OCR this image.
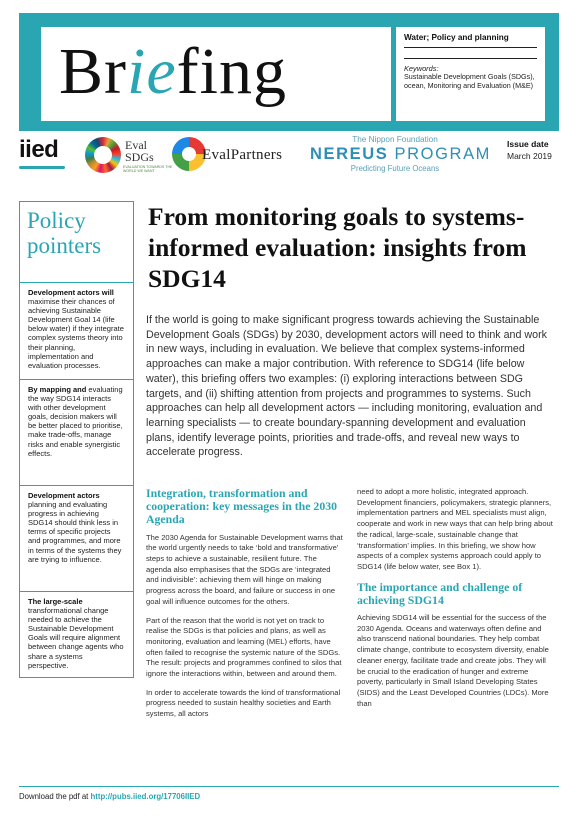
Briefing	Water; Policy and planning
Keywords:
Sustainable Development Goals (SDGs), ocean, Monitoring and Evaluation (M&E)
iied	Eval
SDGs
EVALUATION TOWARDS THE WORLD WE WANT
EvalPartners
The Nippon Foundation
NEREUS PROGRAM
Predicting Future Oceans
Issue date
March 2019
Policy
pointers
Development actors will maximise their chances of achieving Sustainable Development Goal 14 (life below water) if they integrate complex systems theory into their planning, implementation and evaluation processes.
By mapping and evaluating the way SDG14 interacts with other development goals, decision makers will be better placed to prioritise, make trade-offs, manage risks and enable synergistic effects.
Development actors planning and evaluating progress in achieving SDG14 should think less in terms of specific projects and programmes, and more in terms of the systems they are trying to influence.
The large-scale transformational change needed to achieve the Sustainable Development Goals will require alignment between change agents who share a systems perspective.
From monitoring goals to systems-informed evaluation: insights from SDG14

If the world is going to make significant progress towards achieving the Sustainable Development Goals (SDGs) by 2030, development actors will need to think and work in new ways, including in evaluation. We believe that complex systems-informed approaches can make a major contribution. With reference to SDG14 (life below water), this briefing offers two examples: (i) exploring interactions between SDG targets, and (ii) shifting attention from projects and programmes to systems. Such approaches can help all development actors — including monitoring, evaluation and learning specialists — to create boundary-spanning development and evaluation plans, identify leverage points, priorities and trade-offs, and reveal new ways to accelerate progress.

Integration, transformation and cooperation: key messages in the 2030 Agenda

The 2030 Agenda for Sustainable Development warns that the world urgently needs to take ‘bold and transformative’ steps to achieve a sustainable, resilient future. The agenda also emphasises that the SDGs are ‘integrated and indivisible’: achieving them will hinge on making progress across the board, and failure or success in one goal will influence outcomes for the others.

Part of the reason that the world is not yet on track to realise the SDGs is that policies and plans, as well as monitoring, evaluation and learning (MEL) efforts, have often failed to recognise the systemic nature of the SDGs. The result: projects and programmes confined to silos that ignore the interactions within, between and around them.

In order to accelerate towards the kind of transformational progress needed to sustain healthy societies and Earth systems, all actors

need to adopt a more holistic, integrated approach. Development financiers, policymakers, strategic planners, implementation partners and MEL specialists must align, cooperate and work in new ways that can help bring about the radical, large-scale, sustainable change that ‘transformation’ implies. In this briefing, we show how aspects of a complex systems approach could apply to SDG14 (life below water, see Box 1).

The importance and challenge of achieving SDG14

Achieving SDG14 will be essential for the success of the 2030 Agenda. Oceans and waterways often define and also transcend national boundaries. They help combat climate change, contribute to ecosystem diversity, enable cleaner energy, facilitate trade and create jobs. They will be crucial to the eradication of hunger and extreme poverty, particularly in Small Island Developing States (SIDS) and the Least Developed Countries (LDCs). More than

Download the pdf at http://pubs.iied.org/17706IIED
